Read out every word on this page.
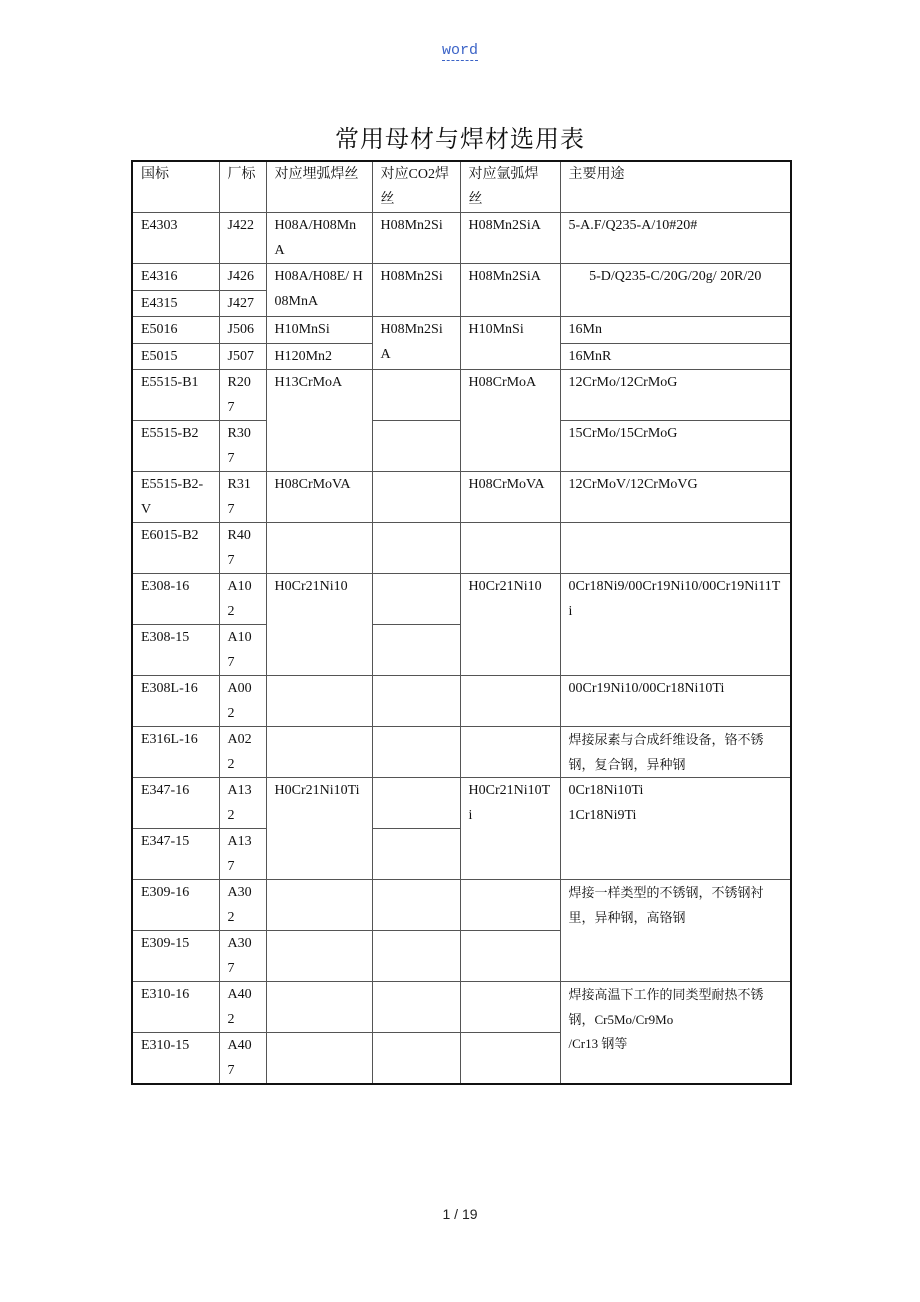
word
常用母材与焊材选用表
国标	厂标	对应埋弧焊丝	对应CO2焊丝	对应氩弧焊丝	主要用途
E4303	J422	H08A/H08MnA	H08Mn2Si	H08Mn2SiA	5-A.F/Q235-A/10#20#
E4316	J426	H08A/H08E/ H08MnA	H08Mn2Si	H08Mn2SiA	5-D/Q235-C/20G/20g/ 20R/20
E4315	J427				
E5016	J506	H10MnSi	H08Mn2SiA	H10MnSi	16Mn
E5015	J507	H120Mn2			16MnR
E5515-B1	R207	H13CrMoA		H08CrMoA	12CrMo/12CrMoG
E5515-B2	R307				15CrMo/15CrMoG
E5515-B2-V	R317	H08CrMoVA		H08CrMoVA	12CrMoV/12CrMoVG
E6015-B2	R407				
E308-16	A102	H0Cr21Ni10		H0Cr21Ni10	0Cr18Ni9/00Cr19Ni10/00Cr19Ni11Ti
E308-15	A107				
E308L-16	A002				00Cr19Ni10/00Cr18Ni10Ti
E316L-16	A022				焊接尿素与合成纤维设备，铬不锈钢，复合钢，异种钢
E347-16	A132	H0Cr21Ni10Ti		H0Cr21Ni10Ti	0Cr18Ni10Ti
1Cr18Ni9Ti

E347-15	A137				
E309-16	A302				焊接一样类型的不锈钢，不锈钢衬里，异种钢，高铬钢
E309-15	A307				
E310-16	A402				焊接高温下工作的同类型耐热不锈钢，Cr5Mo/Cr9Mo
/Cr13 钢等

E310-15	A407				
1 / 19
